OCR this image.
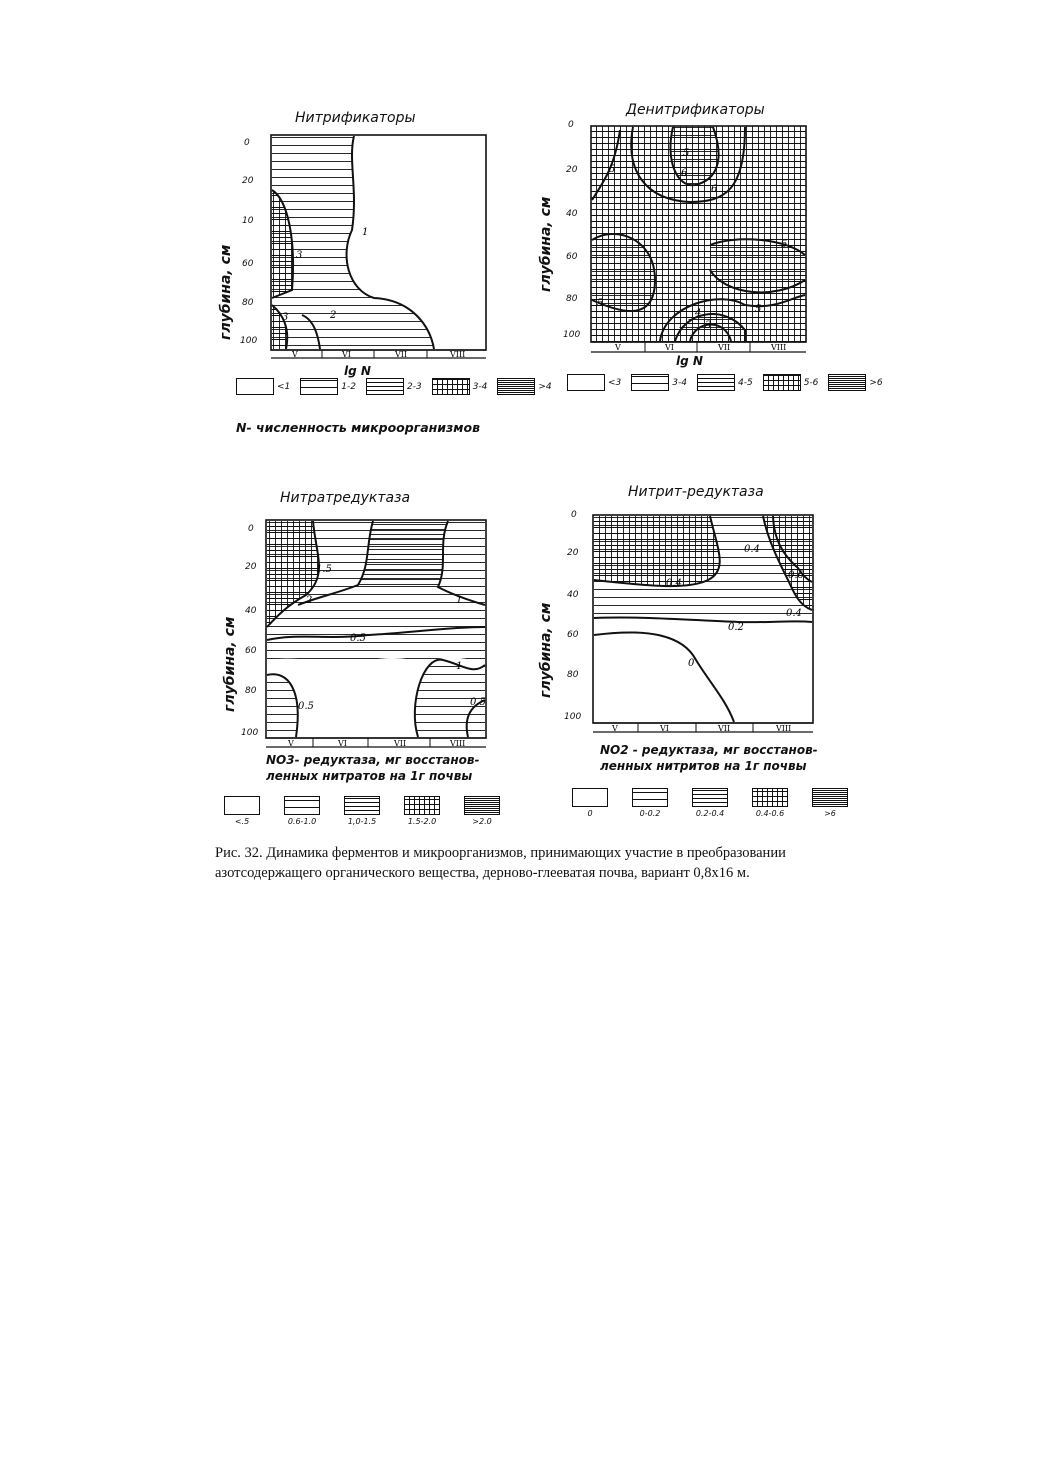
Нитрификаторы
глубина, см
0
20
10
60
80
100
1
2
3
3
V	VI	VII	VIII
lg N
Денитрификаторы
глубина, см
0
20
40
60
80
100
5
5
6
6
5
5
5
4
3
V	VI	VII	VIII
lg N
<1	1-2	2-3	3-4	>4	<3	3-4	4-5	5-6	>6
N- численность микроорганизмов
Нитратредуктаза
глубина, см
0
20
40
60
80
100
1.5
2	1
0.5
1
0.5
0.5
V	VI	VII	VIII
NO3- редуктаза, мг восстанов-
ленных нитратов на 1г почвы
Нитрит-редуктаза
глубина, см
0
20
40
60
80
100
0.4
0.4
0.6
0.4
0.2
0
V	VI	VII	VIII
NO2 - редуктаза, мг восстанов-
ленных нитритов на 1г почвы
<.5	0.6-1.0	1,0-1.5	1.5-2.0	>2.0
0	0-0.2	0.2-0.4	0.4-0.6	>6
Рис. 32. Динамика ферментов и микроорганизмов, принимающих участие в преобразовании азотсодержащего органического вещества, дерново-глееватая почва, вариант 0,8х16 м.
